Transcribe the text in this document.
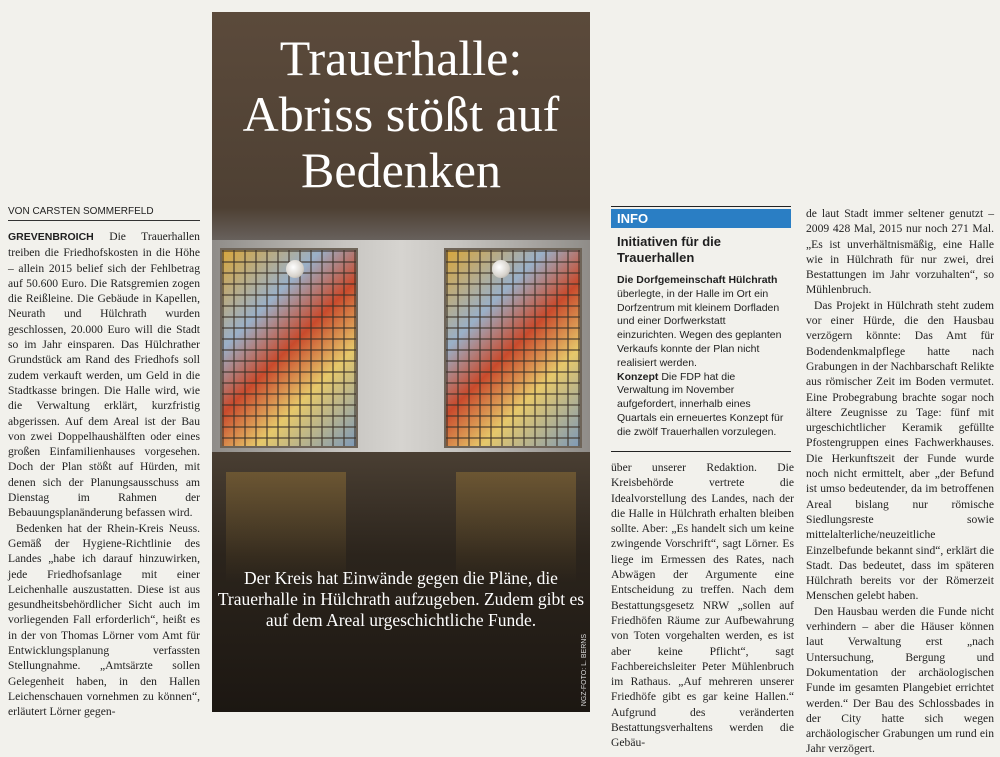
VON CARSTEN SOMMERFELD

GREVENBROICH Die Trauerhallen treiben die Friedhofskosten in die Höhe – allein 2015 belief sich der Fehlbetrag auf 50.600 Euro. Die Ratsgremien zogen die Reißleine. Die Gebäude in Kapellen, Neurath und Hülchrath wurden geschlossen, 20.000 Euro will die Stadt so im Jahr einsparen. Das Hülchrather Grundstück am Rand des Friedhofs soll zudem verkauft werden, um Geld in die Stadtkasse bringen. Die Halle wird, wie die Verwaltung erklärt, kurzfristig abgerissen. Auf dem Areal ist der Bau von zwei Doppelhaushälften oder eines großen Einfamilienhauses vorgesehen. Doch der Plan stößt auf Hürden, mit denen sich der Planungsausschuss am Dienstag im Rahmen der Bebauungsplanänderung befassen wird.

Bedenken hat der Rhein-Kreis Neuss. Gemäß der Hygiene-Richtlinie des Landes „habe ich darauf hinzuwirken, jede Friedhofsanlage mit einer Leichenhalle auszustatten. Diese ist aus gesundheitsbehördlicher Sicht auch im vorliegenden Fall erforderlich“, heißt es in der von Thomas Lörner vom Amt für Entwicklungsplanung verfassten Stellungnahme. „Amtsärzte sollen Gelegenheit haben, in den Hallen Leichenschauen vornehmen zu können“, erläutert Lörner gegen-

Trauerhalle: Abriss stößt auf Bedenken

Der Kreis hat Einwände gegen die Pläne, die Trauerhalle in Hülchrath aufzugeben. Zudem gibt es auf dem Areal urgeschichtliche Funde.

NGZ-FOTO: L. BERNS
INFO
Initiativen für die Trauerhallen

Die Dorfgemeinschaft Hülchrath überlegte, in der Halle im Ort ein Dorfzentrum mit kleinem Dorfladen und einer Dorfwerkstatt einzurichten. Wegen des geplanten Verkaufs konnte der Plan nicht realisiert werden.

Konzept Die FDP hat die Verwaltung im November aufgefordert, innerhalb eines Quartals ein erneuertes Konzept für die zwölf Trauerhallen vorzulegen.

über unserer Redaktion. Die Kreisbehörde vertrete die Idealvorstellung des Landes, nach der die Halle in Hülchrath erhalten bleiben sollte. Aber: „Es handelt sich um keine zwingende Vorschrift“, sagt Lörner. Es liege im Ermessen des Rates, nach Abwägen der Argumente eine Entscheidung zu treffen. Nach dem Bestattungsgesetz NRW „sollen auf Friedhöfen Räume zur Aufbewahrung von Toten vorgehalten werden, es ist aber keine Pflicht“, sagt Fachbereichsleiter Peter Mühlenbruch im Rathaus. „Auf mehreren unserer Friedhöfe gibt es gar keine Hallen.“ Aufgrund des veränderten Bestattungsverhaltens werden die Gebäu-

de laut Stadt immer seltener genutzt – 2009 428 Mal, 2015 nur noch 271 Mal. „Es ist unverhältnismäßig, eine Halle wie in Hülchrath für nur zwei, drei Bestattungen im Jahr vorzuhalten“, so Mühlenbruch.

Das Projekt in Hülchrath steht zudem vor einer Hürde, die den Hausbau verzögern könnte: Das Amt für Bodendenkmalpflege hatte nach Grabungen in der Nachbarschaft Relikte aus römischer Zeit im Boden vermutet. Eine Probegrabung brachte sogar noch ältere Zeugnisse zu Tage: fünf mit urgeschichtlicher Keramik gefüllte Pfostengruppen eines Fachwerkhauses. Die Herkunftszeit der Funde wurde noch nicht ermittelt, aber „der Befund ist umso bedeutender, da im betroffenen Areal bislang nur römische Siedlungsreste sowie mittelalterliche/neuzeitliche Einzelbefunde bekannt sind“, erklärt die Stadt. Das bedeutet, dass im späteren Hülchrath bereits vor der Römerzeit Menschen gelebt haben.

Den Hausbau werden die Funde nicht verhindern – aber die Häuser können laut Verwaltung erst „nach Untersuchung, Bergung und Dokumentation der archäologischen Funde im gesamten Plangebiet errichtet werden.“ Der Bau des Schlossbades in der City hatte sich wegen archäologischer Grabungen um rund ein Jahr verzögert.
